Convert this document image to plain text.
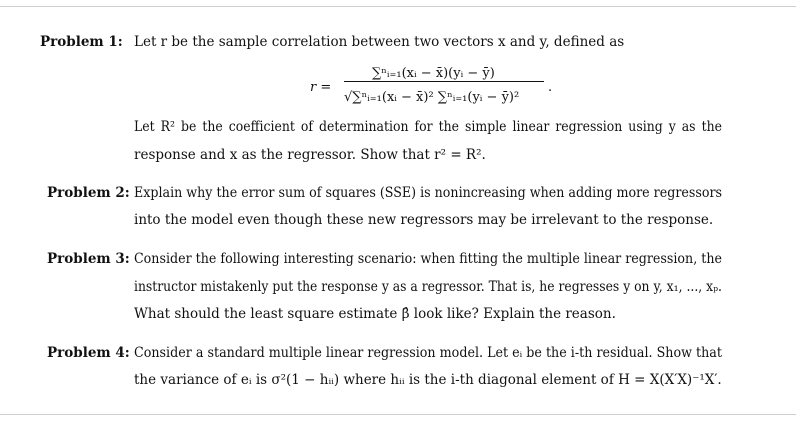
Problem 1: Let r be the sample correlation between two vectors x and y, defined as
r =
∑ⁿᵢ₌₁(xᵢ − x̄)(yᵢ − ȳ)
√∑ⁿᵢ₌₁(xᵢ − x̄)² ∑ⁿᵢ₌₁(yᵢ − ȳ)²
.
Let R² be the coefficient of determination for the simple linear regression using y as the
response and x as the regressor. Show that r² = R².
Problem 2: Explain why the error sum of squares (SSE) is nonincreasing when adding more regressors
into the model even though these new regressors may be irrelevant to the response.
Problem 3: Consider the following interesting scenario: when fitting the multiple linear regression, the
instructor mistakenly put the response y as a regressor. That is, he regresses y on y, x₁, ..., xₚ.
What should the least square estimate β̂ look like? Explain the reason.
Problem 4: Consider a standard multiple linear regression model. Let eᵢ be the i-th residual. Show that
the variance of eᵢ is σ²(1 − hᵢᵢ) where hᵢᵢ is the i-th diagonal element of H = X(X′X)⁻¹X′.
